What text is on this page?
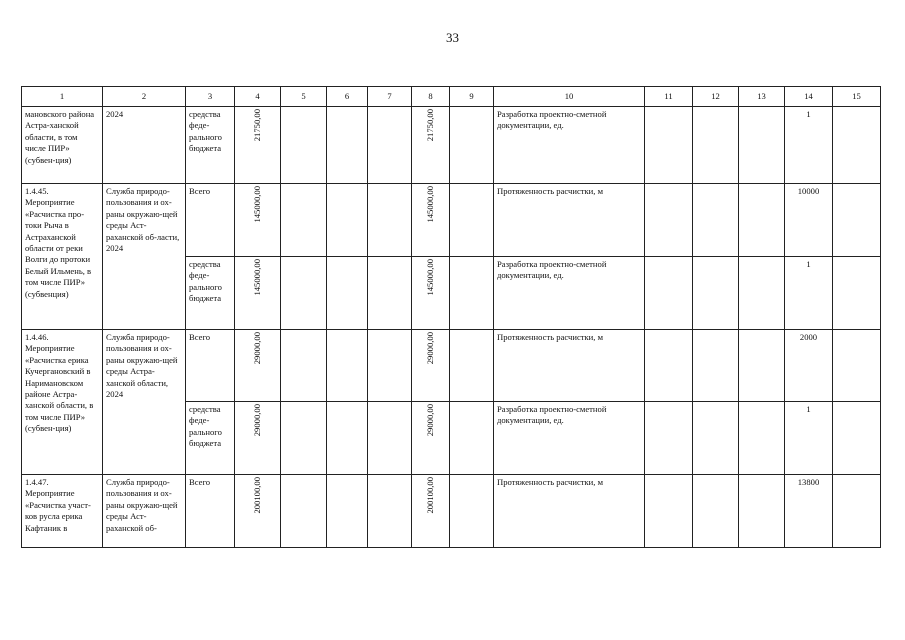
33
1	2	3	4	5	6	7	8	9	10	11	12	13	14	15
мановского района Астра-ханской области, в том числе ПИР» (субвен-ция)	2024	средства феде-рального бюджета	21750,00				21750,00		Разработка проектно-сметной документации, ед.				1	
1.4.45. Мероприятие «Расчистка про-токи Рыча в Астраханской области от реки Волги до протоки Белый Ильмень, в том числе ПИР» (субвенция)	Служба природо-пользования и ох-раны окружаю-щей среды Аст-раханской об-ласти, 2024	Всего	145000,00				145000,00		Протяженность расчистки, м				10000	
		средства феде-рального бюджета	145000,00				145000,00		Разработка проектно-сметной документации, ед.				1	
1.4.46. Мероприятие «Расчистка ерика Кучергановский в Наримановском районе Астра-ханской области, в том числе ПИР» (субвен-ция)	Служба природо-пользования и ох-раны окружаю-щей среды Астра-ханской области, 2024	Всего	29000,00				29000,00		Протяженность расчистки, м				2000	
		средства феде-рального бюджета	29000,00				29000,00		Разработка проектно-сметной документации, ед.				1	
1.4.47. Мероприятие «Расчистка участ-ков русла ерика Кафтаник в	Служба природо-пользования и ох-раны окружаю-щей среды Аст-раханской об-	Всего	200100,00				200100,00		Протяженность расчистки, м				13800	
